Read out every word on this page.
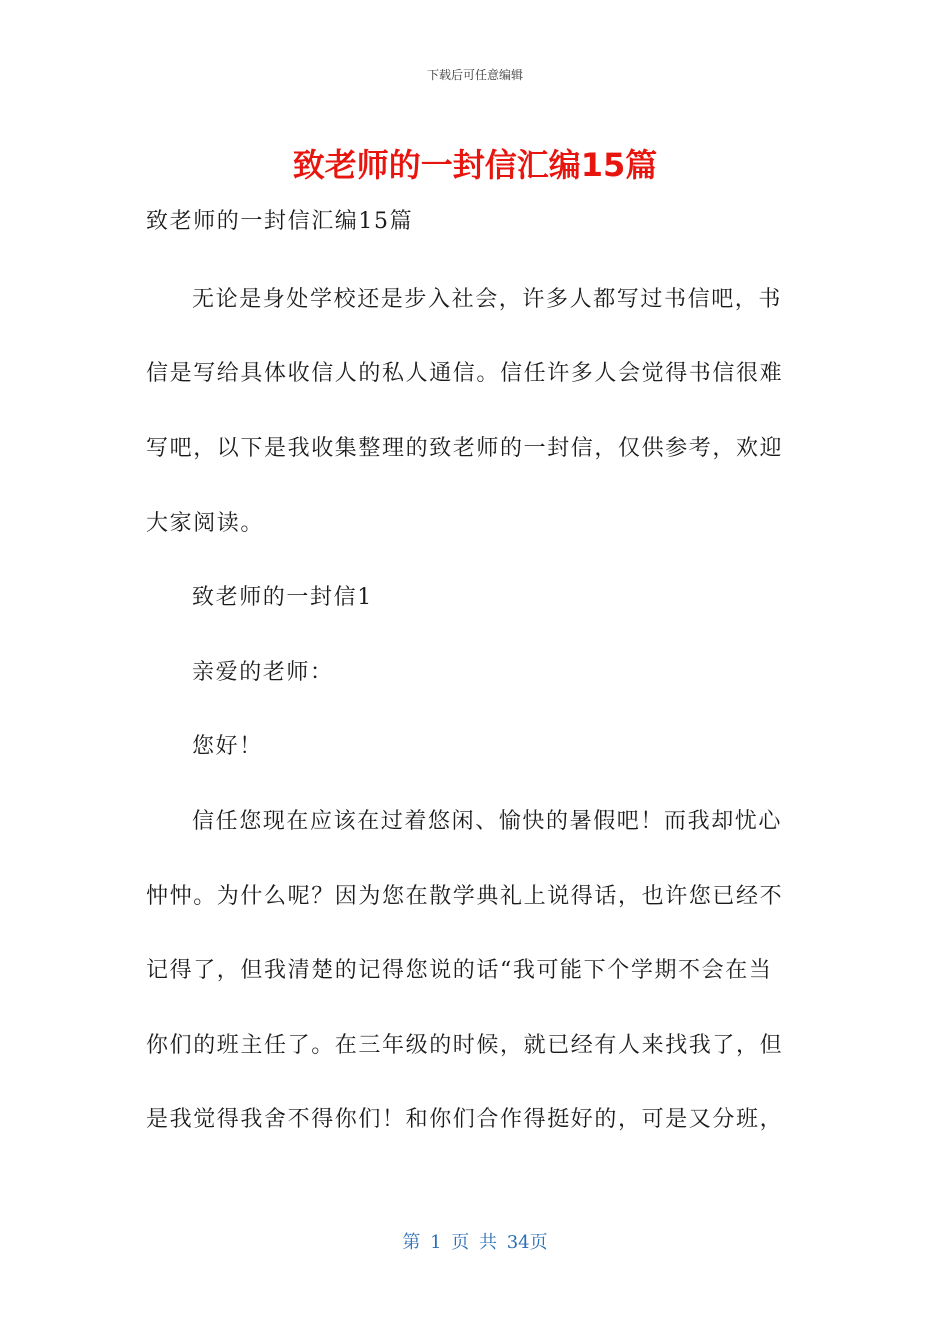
下载后可任意编辑
致老师的一封信汇编15篇
致老师的一封信汇编15篇
无论是身处学校还是步入社会，许多人都写过书信吧，书
信是写给具体收信人的私人通信。信任许多人会觉得书信很难
写吧，以下是我收集整理的致老师的一封信，仅供参考，欢迎
大家阅读。
致老师的一封信1
亲爱的老师：
您好！
信任您现在应该在过着悠闲、愉快的暑假吧！而我却忧心
忡忡。为什么呢？因为您在散学典礼上说得话，也许您已经不
记得了，但我清楚的记得您说的话“我可能下个学期不会在当
你们的班主任了。在三年级的时候，就已经有人来找我了，但
是我觉得我舍不得你们！和你们合作得挺好的，可是又分班，
第 1 页 共 34页
